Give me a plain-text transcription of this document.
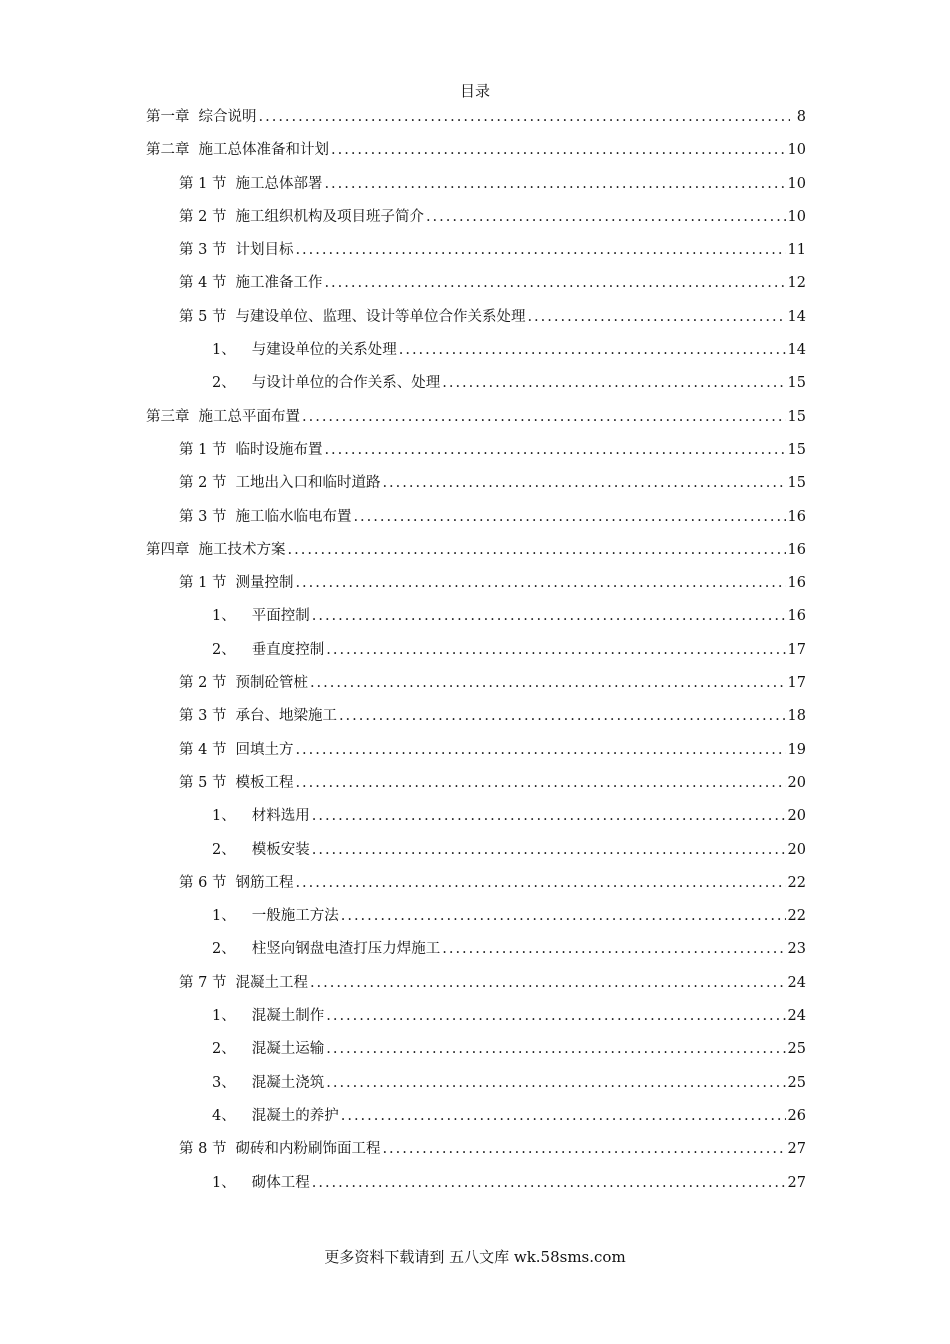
目录
第一章 综合说明 .....	8
第二章 施工总体准备和计划 .....	10
第 1 节 施工总体部署 .....	10
第 2 节 施工组织机构及项目班子简介 .....	10
第 3 节 计划目标 .....	11
第 4 节 施工准备工作 .....	12
第 5 节 与建设单位、监理、设计等单位合作关系处理 .....	14
1、 与建设单位的关系处理 .....	14
2、 与设计单位的合作关系、处理 .....	15
第三章 施工总平面布置 .....	15
第 1 节 临时设施布置 .....	15
第 2 节 工地出入口和临时道路 .....	15
第 3 节 施工临水临电布置 .....	16
第四章 施工技术方案 .....	16
第 1 节 测量控制 .....	16
1、 平面控制 .....	16
2、 垂直度控制 .....	17
第 2 节 预制砼管桩 .....	17
第 3 节 承台、地梁施工 .....	18
第 4 节 回填土方 .....	19
第 5 节 模板工程 .....	20
1、 材料选用 .....	20
2、 模板安装 .....	20
第 6 节 钢筋工程 .....	22
1、 一般施工方法 .....	22
2、 柱竖向钢盘电渣打压力焊施工 .....	23
第 7 节 混凝土工程 .....	24
1、 混凝土制作 .....	24
2、 混凝土运输 .....	25
3、 混凝土浇筑 .....	25
4、 混凝土的养护 .....	26
第 8 节 砌砖和内粉刷饰面工程 .....	27
1、 砌体工程 .....	27
更多资料下载请到 五八文库 wk.58sms.com
